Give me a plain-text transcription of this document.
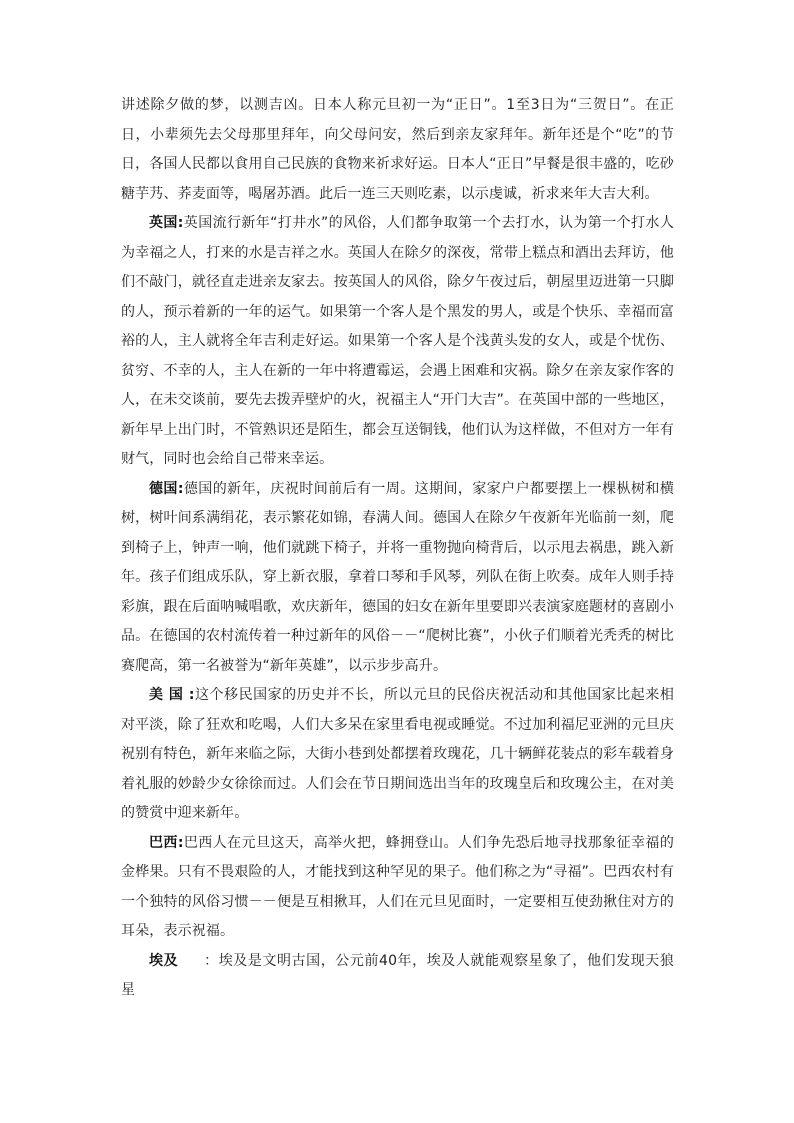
讲述除夕做的梦，以测吉凶。日本人称元旦初一为“正日”。1至3日为“三贺日”。在正日，小辈须先去父母那里拜年，向父母问安，然后到亲友家拜年。新年还是个“吃”的节日，各国人民都以食用自己民族的食物来祈求好运。日本人“正日”早餐是很丰盛的，吃砂糖芋艿、荞麦面等，喝屠苏酒。此后一连三天则吃素，以示虔诚，祈求来年大吉大利。

英国:英国流行新年“打井水”的风俗，人们都争取第一个去打水，认为第一个打水人为幸福之人，打来的水是吉祥之水。英国人在除夕的深夜，常带上糕点和酒出去拜访，他们不敲门，就径直走进亲友家去。按英国人的风俗，除夕午夜过后，朝屋里迈进第一只脚的人，预示着新的一年的运气。如果第一个客人是个黑发的男人，或是个快乐、幸福而富裕的人，主人就将全年吉利走好运。如果第一个客人是个浅黄头发的女人，或是个忧伤、贫穷、不幸的人，主人在新的一年中将遭霉运，会遇上困难和灾祸。除夕在亲友家作客的人，在未交谈前，要先去拨弄壁炉的火，祝福主人“开门大吉”。在英国中部的一些地区，新年早上出门时，不管熟识还是陌生，都会互送铜钱，他们认为这样做，不但对方一年有财气，同时也会给自己带来幸运。

德国:德国的新年，庆祝时间前后有一周。这期间，家家户户都要摆上一棵枞树和横树，树叶间系满绢花，表示繁花如锦，春满人间。德国人在除夕午夜新年光临前一刻，爬到椅子上，钟声一响，他们就跳下椅子，并将一重物抛向椅背后，以示甩去祸患，跳入新年。孩子们组成乐队，穿上新衣服，拿着口琴和手风琴，列队在街上吹奏。成年人则手持彩旗，跟在后面呐喊唱歌，欢庆新年，德国的妇女在新年里要即兴表演家庭题材的喜剧小品。在德国的农村流传着一种过新年的风俗－－“爬树比赛”，小伙子们顺着光秃秃的树比赛爬高，第一名被誉为“新年英雄”，以示步步高升。

美 国 :这个移民国家的历史并不长，所以元旦的民俗庆祝活动和其他国家比起来相对平淡，除了狂欢和吃喝，人们大多呆在家里看电视或睡觉。不过加利福尼亚洲的元旦庆祝别有特色，新年来临之际，大街小巷到处都摆着玫瑰花，几十辆鲜花装点的彩车载着身着礼服的妙龄少女徐徐而过。人们会在节日期间选出当年的玫瑰皇后和玫瑰公主，在对美的赞赏中迎来新年。

巴西:巴西人在元旦这天，高举火把，蜂拥登山。人们争先恐后地寻找那象征幸福的金桦果。只有不畏艰险的人，才能找到这种罕见的果子。他们称之为“寻福”。巴西农村有一个独特的风俗习惯－－便是互相揪耳，人们在元旦见面时，一定要相互使劲揪住对方的耳朵，表示祝福。

埃及 ：埃及是文明古国，公元前40年，埃及人就能观察星象了，他们发现天狼星
